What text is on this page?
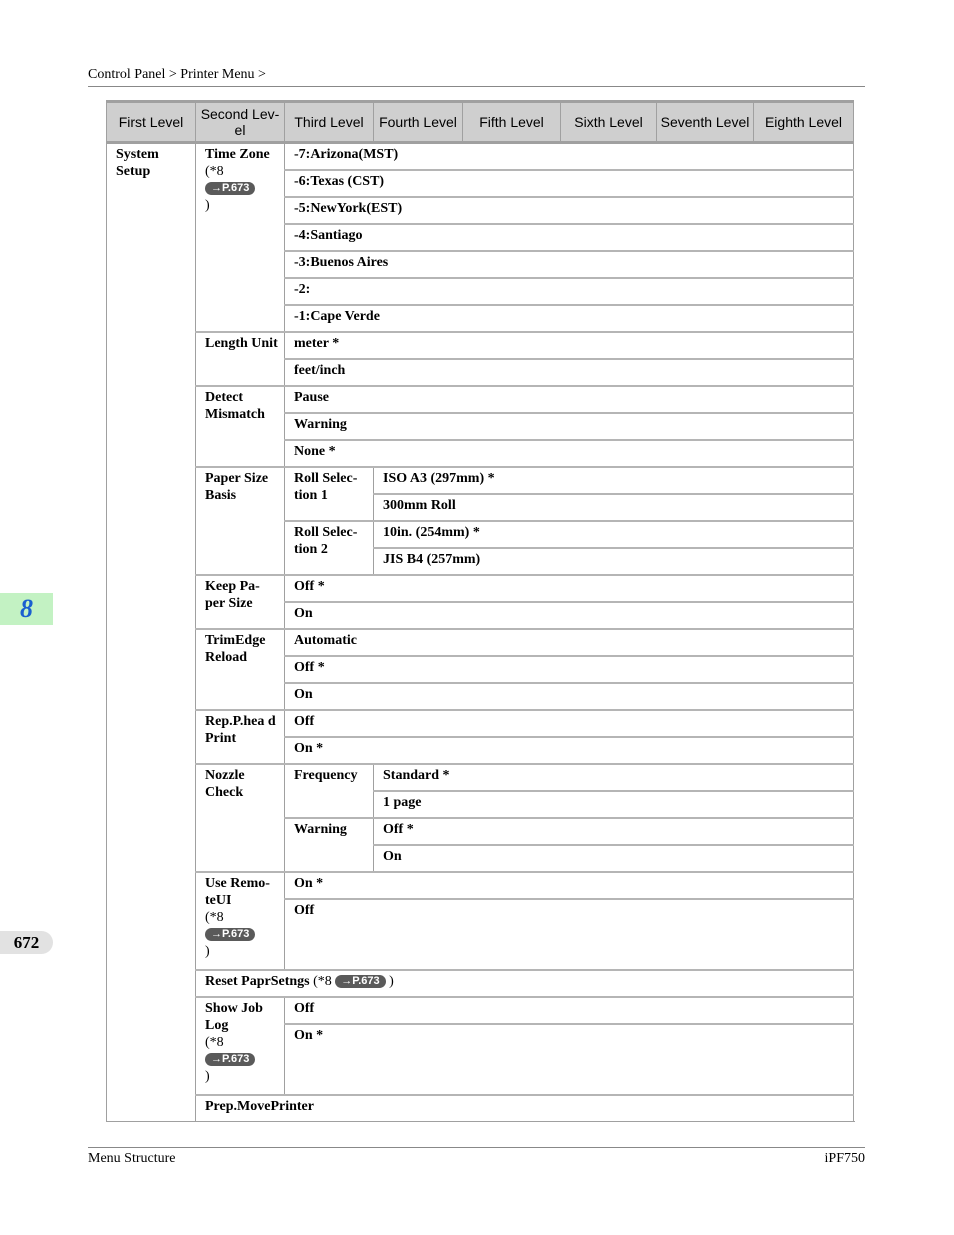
Control Panel > Printer Menu >
8
672
First Level	Second Lev-el	Third Level	Fourth Level	Fifth Level	Sixth Level	Seventh Level	Eighth Level
System Setup	Time Zone
(*8
→P.673
)	-7:Arizona(MST)					
		-6:Texas (CST)					
		-5:NewYork(EST)					
		-4:Santiago					
		-3:Buenos Aires					
		-2:					
		-1:Cape Verde					
	Length Unit	meter *					
		feet/inch					
	Detect Mismatch	Pause					
		Warning					
		None *					
	Paper Size Basis	Roll Selec-tion 1	ISO A3 (297mm) *				
			300mm Roll				
		Roll Selec-tion 2	10in. (254mm) *				
			JIS B4 (257mm)				
	Keep Pa-per Size	Off *					
		On					
	TrimEdge Reload	Automatic					
		Off *					
		On					
	Rep.P.hea d Print	Off					
		On *					
	Nozzle Check	Frequency	Standard *				
			1 page				
		Warning	Off *				
			On				

	Use Remo-teUI
(*8
→P.673
)	On *					
		Off					
	Reset PaprSetngs (*8 →P.673 )						

	Show Job Log
(*8
→P.673
)	Off					
		On *					
	Prep.MovePrinter						
Menu Structure	iPF750
